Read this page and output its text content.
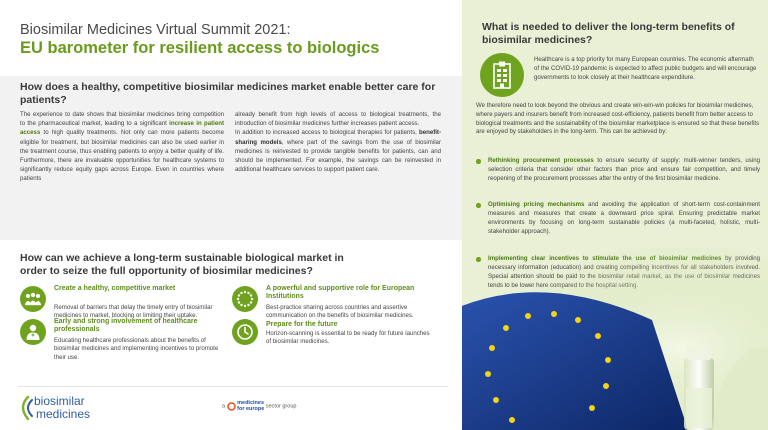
Biosimilar Medicines Virtual Summit 2021:
EU barometer for resilient access to biologics
How does a healthy, competitive biosimilar medicines market enable better care for patients?
The experience to date shows that biosimilar medicines bring competition to the pharmaceutical market, leading to a significant increase in patient access to high quality treatments. Not only can more patients become eligible for treatment, but biosimilar medicines can also be used earlier in the treatment course, thus enabling patients to enjoy a better quality of life. Furthermore, there are invaluable opportunities for healthcare systems to significantly reduce equity gaps across Europe. Even in countries where patients
already benefit from high levels of access to biological treatments, the introduction of biosimilar medicines further increases patient access.
In addition to increased access to biological therapies for patients, benefit-sharing models, where part of the savings from the use of biosimilar medicines is reinvested to provide tangible benefits for patients, can and should be implemented. For example, the savings can be reinvested in additional healthcare services to support patient care.
How can we achieve a long-term sustainable biological market in order to seize the full opportunity of biosimilar medicines?
Create a healthy, competitive market
Removal of barriers that delay the timely entry of biosimilar medicines to market, blocking or limiting their uptake.
A powerful and supportive role for European Institutions
Best-practice sharing across countries and assertive communication on the benefits of biosimilar medicines.
Early and strong involvement of healthcare professionals
Educating healthcare professionals about the benefits of biosimilar medicines and implementing incentives to promote their use.
Prepare for the future
Horizon-scanning is essential to be ready for future launches of biosimilar medicines.
biosimilar
medicines
a
medicines
for europe sector group
What is needed to deliver the long-term benefits of biosimilar medicines?
Healthcare is a top priority for many European countries. The economic aftermath of the COVID-19 pandemic is expected to affect public budgets and will encourage governments to look closely at their healthcare expenditure.
We therefore need to look beyond the obvious and create win-win-win policies for biosimilar medicines, where payers and insurers benefit from increased cost-efficiency, patients benefit from better access to biological treatments and the sustainability of the biosimilar marketplace is ensured so that these benefits are enjoyed by stakeholders in the long-term. This can be achieved by:
Rethinking procurement processes to ensure security of supply: multi-winner tenders, using selection criteria that consider other factors than price and ensure fair competition, and timely reopening of the procurement processes after the entry of the first biosimilar medicine.
Optimising pricing mechanisms and avoiding the application of short-term cost-containment measures and measures that create a downward price spiral. Ensuring predictable market environments by focusing on long-term sustainable policies (a multi-faceted, holistic, multi-stakeholder approach).
